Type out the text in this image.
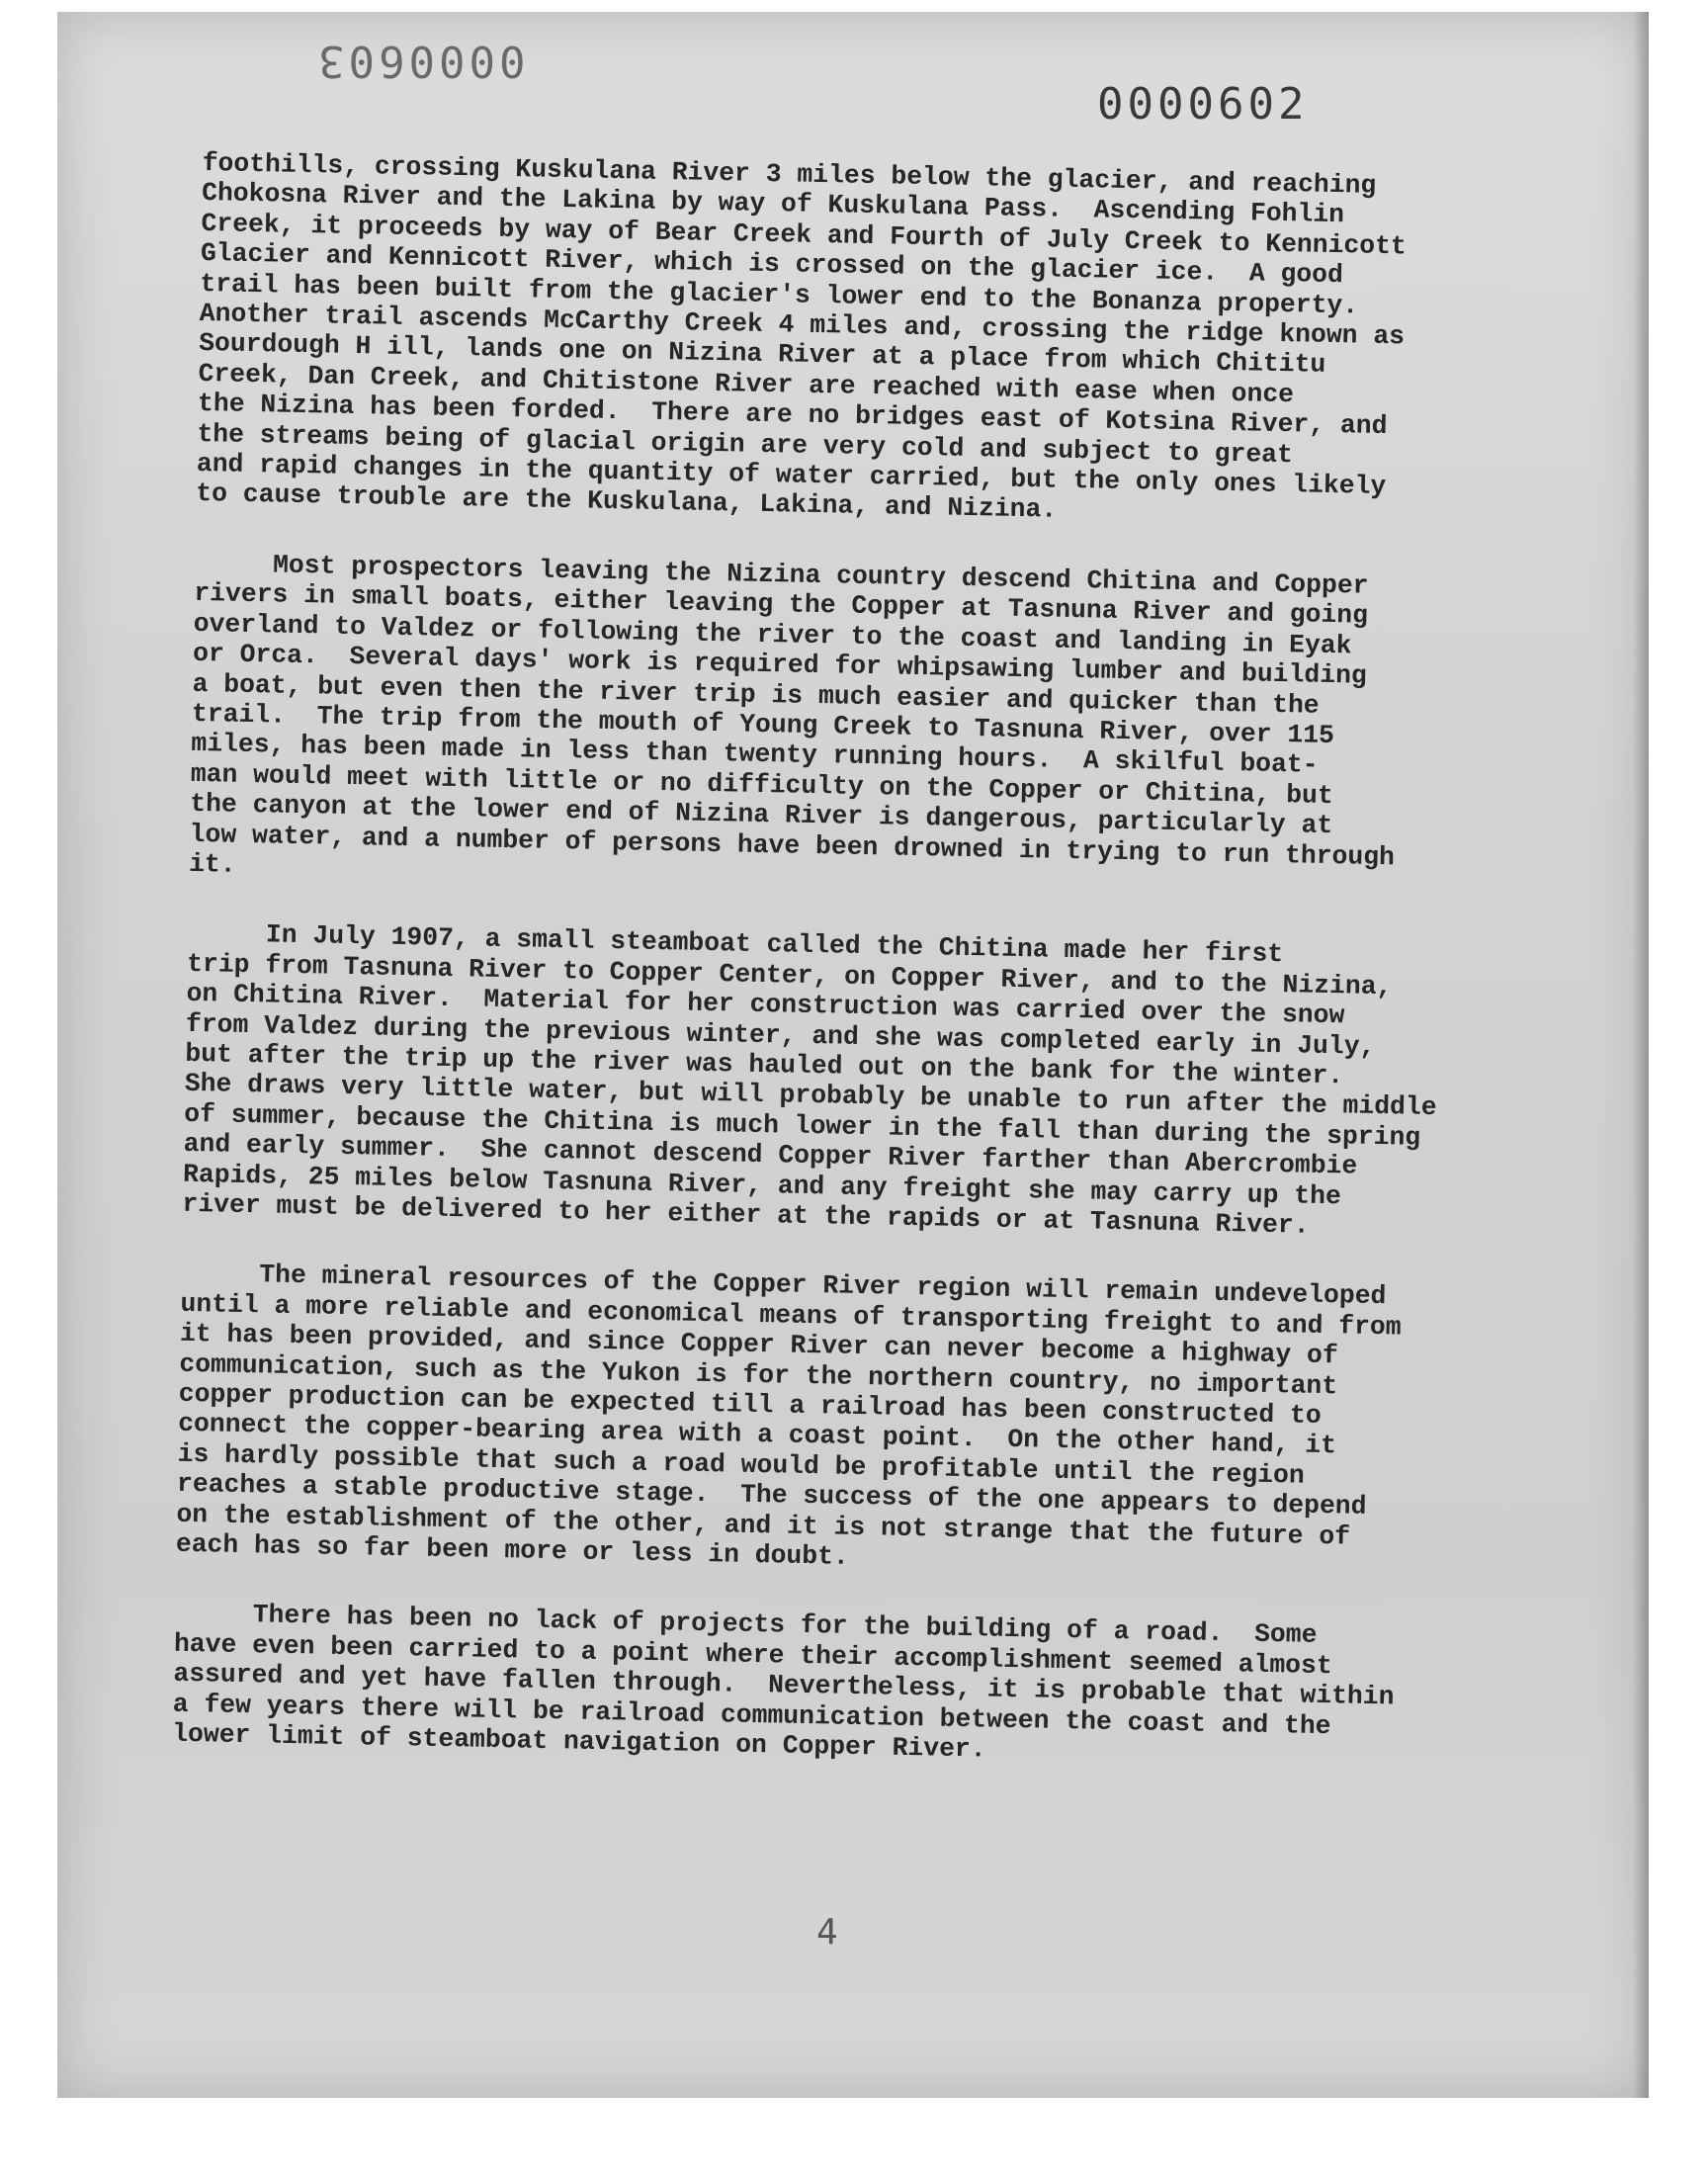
0000603
0000602

foothills, crossing Kuskulana River 3 miles below the glacier, and reaching
Chokosna River and the Lakina by way of Kuskulana Pass.  Ascending Fohlin
Creek, it proceeds by way of Bear Creek and Fourth of July Creek to Kennicott
Glacier and Kennicott River, which is crossed on the glacier ice.  A good
trail has been built from the glacier's lower end to the Bonanza property.
Another trail ascends McCarthy Creek 4 miles and, crossing the ridge known as
Sourdough H ill, lands one on Nizina River at a place from which Chititu
Creek, Dan Creek, and Chitistone River are reached with ease when once
the Nizina has been forded.  There are no bridges east of Kotsina River, and
the streams being of glacial origin are very cold and subject to great
and rapid changes in the quantity of water carried, but the only ones likely
to cause trouble are the Kuskulana, Lakina, and Nizina.

Most prospectors leaving the Nizina country descend Chitina and Copper
rivers in small boats, either leaving the Copper at Tasnuna River and going
overland to Valdez or following the river to the coast and landing in Eyak
or Orca.  Several days' work is required for whipsawing lumber and building
a boat, but even then the river trip is much easier and quicker than the
trail.  The trip from the mouth of Young Creek to Tasnuna River, over 115
miles, has been made in less than twenty running hours.  A skilful boat-
man would meet with little or no difficulty on the Copper or Chitina, but
the canyon at the lower end of Nizina River is dangerous, particularly at
low water, and a number of persons have been drowned in trying to run through
it.

In July 1907, a small steamboat called the Chitina made her first
trip from Tasnuna River to Copper Center, on Copper River, and to the Nizina,
on Chitina River.  Material for her construction was carried over the snow
from Valdez during the previous winter, and she was completed early in July,
but after the trip up the river was hauled out on the bank for the winter.
She draws very little water, but will probably be unable to run after the middle
of summer, because the Chitina is much lower in the fall than during the spring
and early summer.  She cannot descend Copper River farther than Abercrombie
Rapids, 25 miles below Tasnuna River, and any freight she may carry up the
river must be delivered to her either at the rapids or at Tasnuna River.

The mineral resources of the Copper River region will remain undeveloped
until a more reliable and economical means of transporting freight to and from
it has been provided, and since Copper River can never become a highway of
communication, such as the Yukon is for the northern country, no important
copper production can be expected till a railroad has been constructed to
connect the copper-bearing area with a coast point.  On the other hand, it
is hardly possible that such a road would be profitable until the region
reaches a stable productive stage.  The success of the one appears to depend
on the establishment of the other, and it is not strange that the future of
each has so far been more or less in doubt.

There has been no lack of projects for the building of a road.  Some
have even been carried to a point where their accomplishment seemed almost
assured and yet have fallen through.  Nevertheless, it is probable that within
a few years there will be railroad communication between the coast and the
lower limit of steamboat navigation on Copper River.

4
